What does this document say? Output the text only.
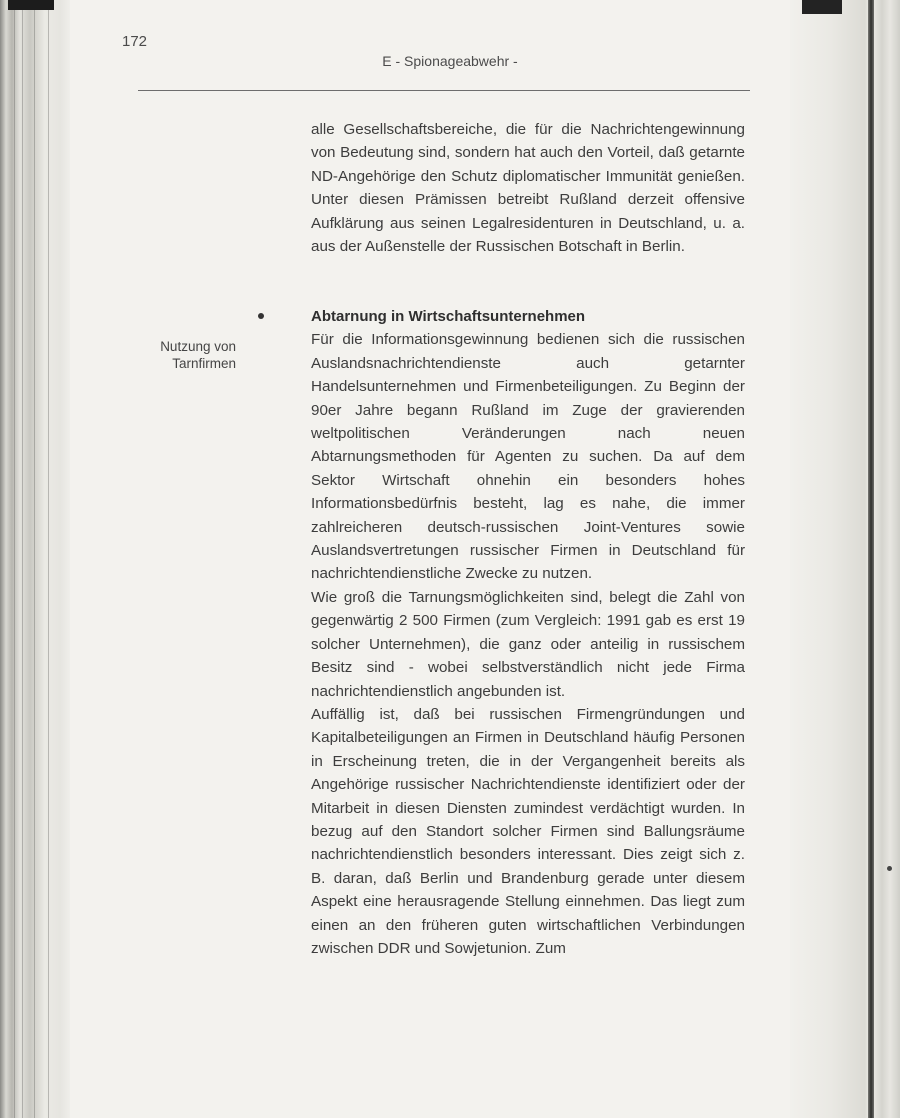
172
E - Spionageabwehr -

alle Gesellschaftsbereiche, die für die Nachrichtengewinnung von Bedeutung sind, sondern hat auch den Vorteil, daß getarnte ND-Angehörige den Schutz diplomatischer Immunität genießen. Unter diesen Prämissen betreibt Rußland derzeit offensive Aufklärung aus seinen Legalresidenturen in Deutschland, u. a. aus der Außenstelle der Russischen Botschaft in Berlin.

Nutzung von
Tarnfirmen
Abtarnung in Wirtschaftsunternehmen

Für die Informationsgewinnung bedienen sich die russischen Auslandsnachrichtendienste auch getarnter Handelsunternehmen und Firmenbeteiligungen. Zu Beginn der 90er Jahre begann Rußland im Zuge der gravierenden weltpolitischen Veränderungen nach neuen Abtarnungsmethoden für Agenten zu suchen. Da auf dem Sektor Wirtschaft ohnehin ein besonders hohes Informationsbedürfnis besteht, lag es nahe, die immer zahlreicheren deutsch-russischen Joint-Ventures sowie Auslandsvertretungen russischer Firmen in Deutschland für nachrichtendienstliche Zwecke zu nutzen.

Wie groß die Tarnungsmöglichkeiten sind, belegt die Zahl von gegenwärtig 2 500 Firmen (zum Vergleich: 1991 gab es erst 19 solcher Unternehmen), die ganz oder anteilig in russischem Besitz sind - wobei selbstverständlich nicht jede Firma nachrichtendienstlich angebunden ist.

Auffällig ist, daß bei russischen Firmengründungen und Kapitalbeteiligungen an Firmen in Deutschland häufig Personen in Erscheinung treten, die in der Vergangenheit bereits als Angehörige russischer Nachrichtendienste identifiziert oder der Mitarbeit in diesen Diensten zumindest verdächtigt wurden. In bezug auf den Standort solcher Firmen sind Ballungsräume nachrichtendienstlich besonders interessant. Dies zeigt sich z. B. daran, daß Berlin und Brandenburg gerade unter diesem Aspekt eine herausragende Stellung einnehmen. Das liegt zum einen an den früheren guten wirtschaftlichen Verbindungen zwischen DDR und Sowjetunion. Zum
